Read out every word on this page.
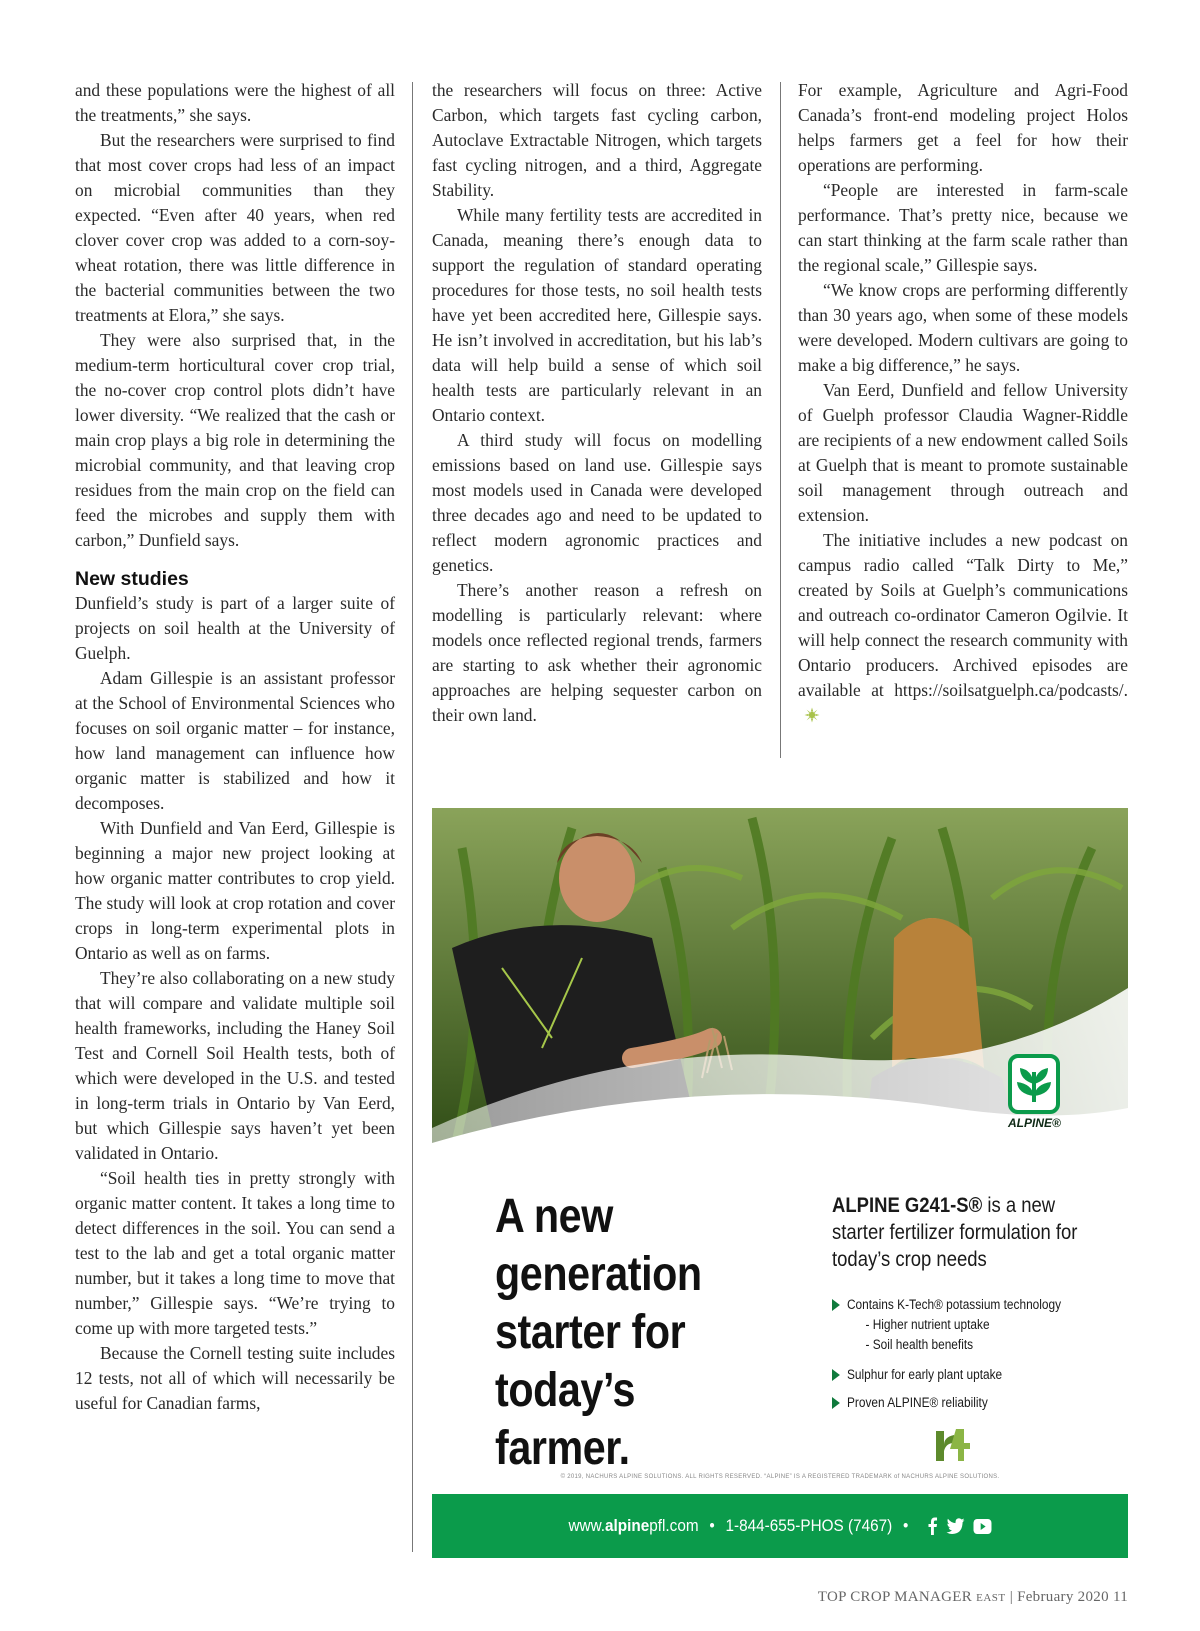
and these populations were the highest of all the treatments,” she says.

But the researchers were surprised to find that most cover crops had less of an impact on microbial communities than they expected. “Even after 40 years, when red clover cover crop was added to a corn-soy-wheat rotation, there was little difference in the bacterial communities between the two treatments at Elora,” she says.

They were also surprised that, in the medium-term horticultural cover crop trial, the no-cover crop control plots didn’t have lower diversity. “We realized that the cash or main crop plays a big role in determining the microbial community, and that leaving crop residues from the main crop on the field can feed the microbes and supply them with carbon,” Dunfield says.

New studies

Dunfield’s study is part of a larger suite of projects on soil health at the University of Guelph.

Adam Gillespie is an assistant professor at the School of Environmental Sciences who focuses on soil organic matter – for instance, how land management can influence how organic matter is stabilized and how it decomposes.

With Dunfield and Van Eerd, Gillespie is beginning a major new project looking at how organic matter contributes to crop yield. The study will look at crop rotation and cover crops in long-term experimental plots in Ontario as well as on farms.

They’re also collaborating on a new study that will compare and validate multiple soil health frameworks, including the Haney Soil Test and Cornell Soil Health tests, both of which were developed in the U.S. and tested in long-term trials in Ontario by Van Eerd, but which Gillespie says haven’t yet been validated in Ontario.

“Soil health ties in pretty strongly with organic matter content. It takes a long time to detect differences in the soil. You can send a test to the lab and get a total organic matter number, but it takes a long time to move that number,” Gillespie says. “We’re trying to come up with more targeted tests.”

Because the Cornell testing suite includes 12 tests, not all of which will necessarily be useful for Canadian farms,

the researchers will focus on three: Active Carbon, which targets fast cycling carbon, Autoclave Extractable Nitrogen, which targets fast cycling nitrogen, and a third, Aggregate Stability.

While many fertility tests are accredited in Canada, meaning there’s enough data to support the regulation of standard operating procedures for those tests, no soil health tests have yet been accredited here, Gillespie says. He isn’t involved in accreditation, but his lab’s data will help build a sense of which soil health tests are particularly relevant in an Ontario context.

A third study will focus on modelling emissions based on land use. Gillespie says most models used in Canada were developed three decades ago and need to be updated to reflect modern agronomic practices and genetics.

There’s another reason a refresh on modelling is particularly relevant: where models once reflected regional trends, farmers are starting to ask whether their agronomic approaches are helping sequester carbon on their own land.

For example, Agriculture and Agri-Food Canada’s front-end modeling project Holos helps farmers get a feel for how their operations are performing.

“People are interested in farm-scale performance. That’s pretty nice, because we can start thinking at the farm scale rather than the regional scale,” Gillespie says.

“We know crops are performing differently than 30 years ago, when some of these models were developed. Modern cultivars are going to make a big difference,” he says.

Van Eerd, Dunfield and fellow University of Guelph professor Claudia Wagner-Riddle are recipients of a new endowment called Soils at Guelph that is meant to promote sustainable soil management through outreach and extension.

The initiative includes a new podcast on campus radio called “Talk Dirty to Me,” created by Soils at Guelph’s communications and outreach co-ordinator Cameron Ogilvie. It will help connect the research community with Ontario producers. Archived episodes are available at https://soilsatguelph.ca/podcasts/.

ALPINE®
A new generation starter for today’s farmer.
ALPINE G241-S® is a new starter fertilizer formulation for today’s crop needs
Contains K-Tech® potassium technology
- Higher nutrient uptake
- Soil health benefits
Sulphur for early plant uptake
Proven ALPINE® reliability
© 2019, NACHURS ALPINE SOLUTIONS. ALL RIGHTS RESERVED. “ALPINE” IS A REGISTERED TRADEMARK of NACHURS ALPINE SOLUTIONS.
www.alpinepfl.com • 1-844-655-PHOS (7467) •
TOP CROP MANAGER EAST | February 2020 11
